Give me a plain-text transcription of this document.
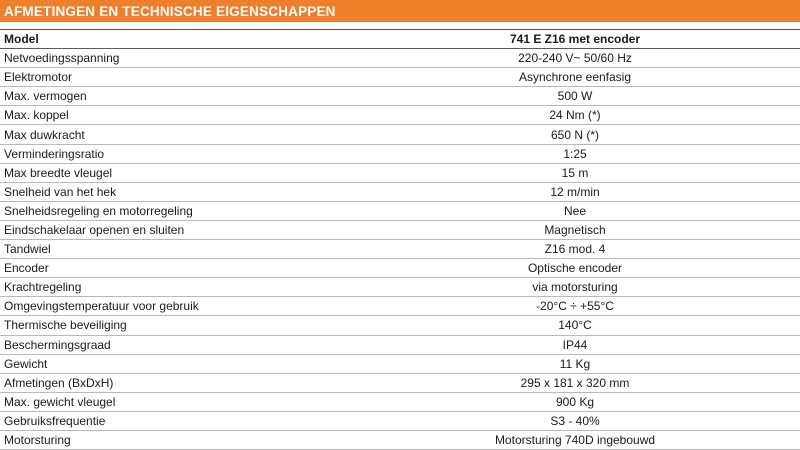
AFMETINGEN EN TECHNISCHE EIGENSCHAPPEN
Model	741 E Z16 met encoder
Netvoedingsspanning	220-240 V~ 50/60 Hz
Elektromotor	Asynchrone eenfasig
Max. vermogen	500 W
Max. koppel	24 Nm (*)
Max duwkracht	650 N (*)
Verminderingsratio	1:25
Max breedte vleugel	15 m
Snelheid van het hek	12 m/min
Snelheidsregeling en motorregeling	Nee
Eindschakelaar openen en sluiten	Magnetisch
Tandwiel	Z16 mod. 4
Encoder	Optische encoder
Krachtregeling	via motorsturing
Omgevingstemperatuur voor gebruik	-20°C ÷ +55°C
Thermische beveiliging	140°C
Beschermingsgraad	IP44
Gewicht	11 Kg
Afmetingen (BxDxH)	295 x 181 x 320 mm
Max. gewicht vleugel	900 Kg
Gebruiksfrequentie	S3 - 40%
Motorsturing	Motorsturing 740D ingebouwd
